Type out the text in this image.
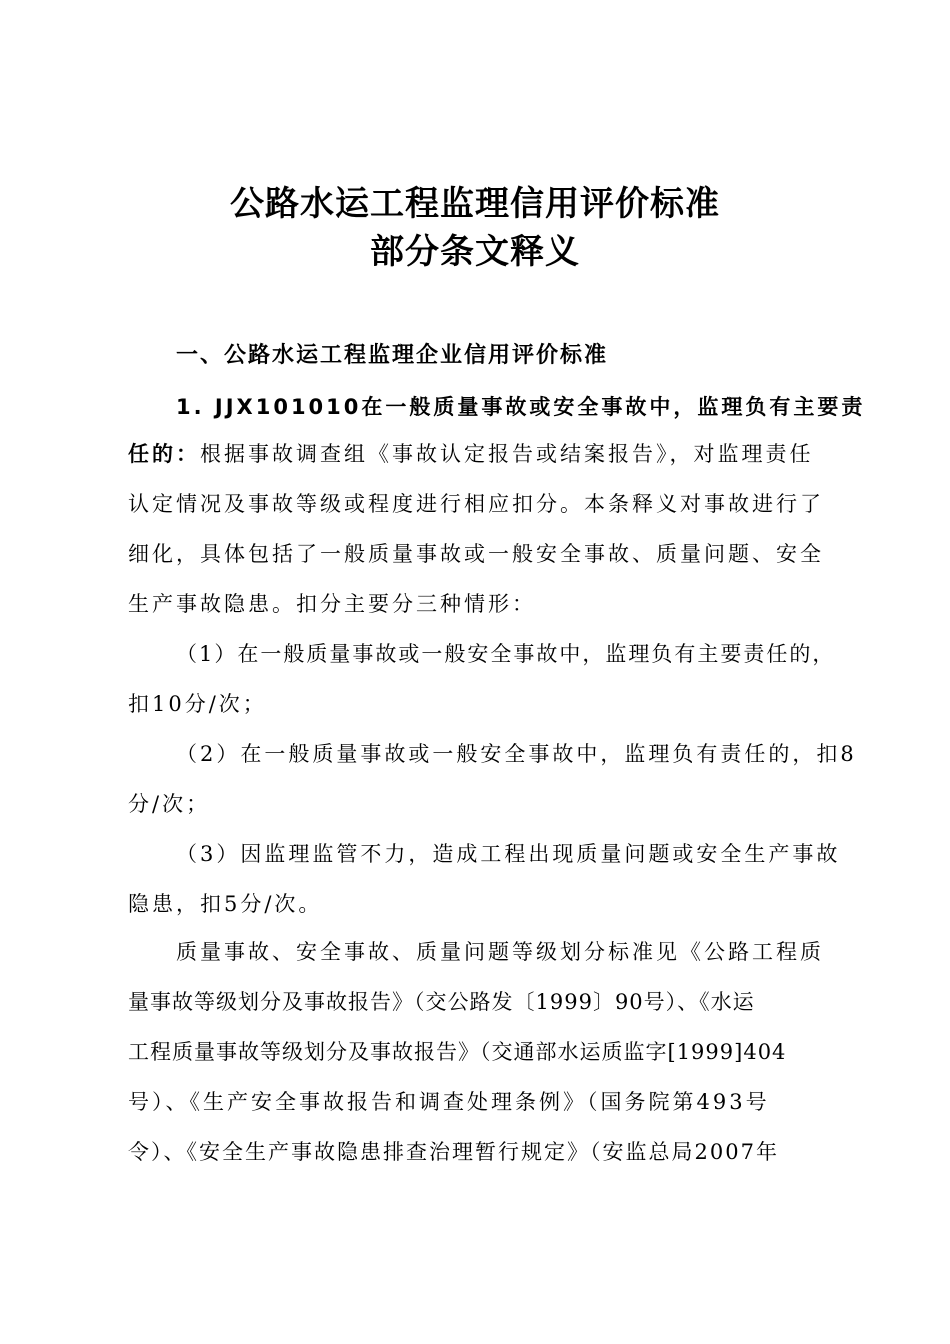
公路水运工程监理信用评价标准
部分条文释义

一、公路水运工程监理企业信用评价标准

1. JJX101010在一般质量事故或安全事故中，监理负有主要责

任的：根据事故调查组《事故认定报告或结案报告》，对监理责任

认定情况及事故等级或程度进行相应扣分。本条释义对事故进行了

细化，具体包括了一般质量事故或一般安全事故、质量问题、安全

生产事故隐患。扣分主要分三种情形：

（1）在一般质量事故或一般安全事故中，监理负有主要责任的，

扣10分/次；

（2）在一般质量事故或一般安全事故中，监理负有责任的，扣8

分/次；

（3）因监理监管不力，造成工程出现质量问题或安全生产事故

隐患，扣5分/次。

质量事故、安全事故、质量问题等级划分标准见《公路工程质

量事故等级划分及事故报告》（交公路发〔1999〕90号）、《水运

工程质量事故等级划分及事故报告》（交通部水运质监字[1999]404

号）、《生产安全事故报告和调查处理条例》（国务院第493号

令）、《安全生产事故隐患排查治理暂行规定》（安监总局2007年
